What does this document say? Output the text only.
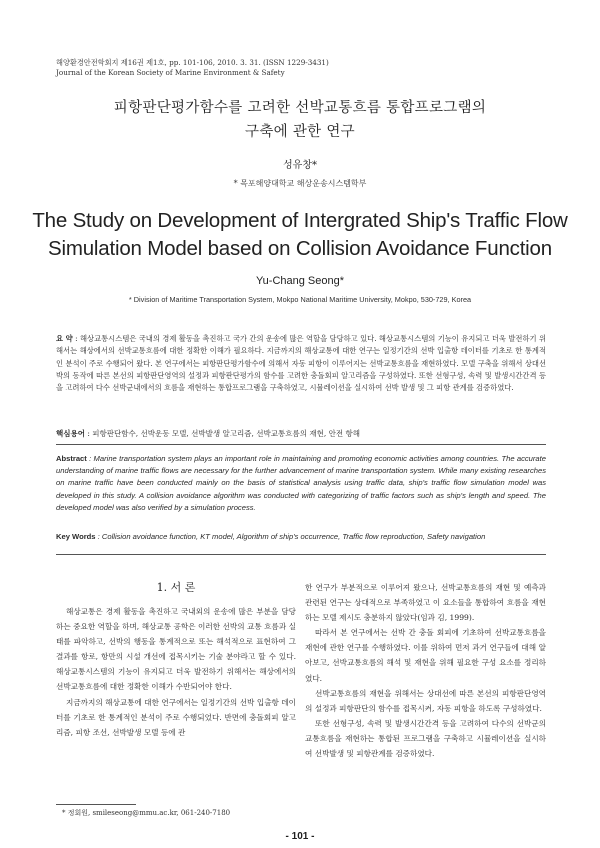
해양환경안전학회지 제16권 제1호, pp. 101-106, 2010. 3. 31. (ISSN 1229-3431)
Journal of the Korean Society of Marine Environment & Safety
피항판단평가함수를 고려한 선박교통흐름 통합프로그램의
구축에 관한 연구
성유창*
* 목포해양대학교 해상운송시스템학부
The Study on Development of Intergrated Ship's Traffic Flow
Simulation Model based on Collision Avoidance Function
Yu-Chang Seong*
* Division of Maritime Transportation System, Mokpo National Maritime University, Mokpo, 530-729, Korea
요 약 : 해상교통시스템은 국내의 경제 활동을 촉진하고 국가 간의 운송에 많은 역할을 담당하고 있다. 해상교통시스템의 기능이 유지되고 더욱 발전하기 위해서는 해상에서의 선박교통흐름에 대한 정확한 이해가 필요하다. 지금까지의 해상교통에 대한 연구는 일정기간의 선박 입출항 데이터를 기초로 한 통계적인 분석이 주로 수행되어 왔다. 본 연구에서는 피항판단평가함수에 의해서 자동 피항이 이루어지는 선박교통흐름을 재현하였다. 모델 구축을 위해서 상대선박의 동작에 따른 본선의 피항판단영역의 설정과 피항판단평가의 함수를 고려한 충돌회피 알고리즘을 구성하였다. 또한 선형구성, 속력 및 발생시간간격 등을 고려하여 다수 선박군내에서의 흐름을 재현하는 통합프로그램을 구축하였고, 시뮬레이션을 실시하여 선박 발생 및 그 피항 관계를 검증하였다.
핵심용어 : 피항판단함수, 선박운동 모델, 선박발생 알고리즘, 선박교통흐름의 재현, 안전 항해
Abstract : Marine transportation system plays an important role in maintaining and promoting economic activities among countries. The accurate understanding of marine traffic flows are necessary for the further advancement of marine transportation system. While many existing researches on marine traffic have been conducted mainly on the basis of statistical analysis using traffic data, ship's traffic flow simulation model was developed in this study. A collision avoidance algorithm was conducted with categorizing of traffic factors such as ship's length and speed. The developed model was also verified by a simulation process.
Key Words : Collision avoidance function, KT model, Algorithm of ship's occurrence, Traffic flow reproduction, Safety navigation
1. 서 론

해상교통은 경제 활동을 촉진하고 국내외의 운송에 많은 부분을 담당하는 중요한 역할을 하며, 해상교통 공학은 이러한 선박의 교통 흐름과 실태를 파악하고, 선박의 행동을 통계적으로 또는 해석적으로 표현하여 그 결과를 항로, 항만의 시설 개선에 접목시키는 기술 분야라고 할 수 있다. 해상교통시스템의 기능이 유지되고 더욱 발전하기 위해서는 해상에서의 선박교통흐름에 대한 정확한 이해가 수반되어야 한다.

지금까지의 해상교통에 대한 연구에서는 일정기간의 선박 입출항 데이터를 기초로 한 통계적인 분석이 주로 수행되었다. 반면에 충돌회피 알고리즘, 피항 조선, 선박발생 모델 등에 관

한 연구가 부분적으로 이루어져 왔으나, 선박교통흐름의 재현 및 예측과 관련된 연구는 상대적으로 부족하였고 이 요소들을 통합하여 흐름을 재현하는 모델 제시도 충분하지 않았다(임과 김, 1999).

따라서 본 연구에서는 선박 간 충돌 회피에 기초하여 선박교통흐름을 재현에 관한 연구를 수행하였다. 이를 위하여 먼저 과거 연구들에 대해 알아보고, 선박교통흐름의 해석 및 재현을 위해 필요한 구성 요소를 정리하였다.

선박교통흐름의 재현을 위해서는 상대선에 따른 본선의 피항판단영역의 설정과 피항판단의 함수를 접목시켜, 자동 피항을 하도록 구성하였다.

또한 선형구성, 속력 및 발생시간간격 등을 고려하여 다수의 선박군의 교통흐름을 재현하는 통합된 프로그램을 구축하고 시뮬레이션을 실시하여 선박발생 및 피항관계를 검증하였다.

* 정회원, smileseong@mmu.ac.kr, 061-240-7180
- 101 -
